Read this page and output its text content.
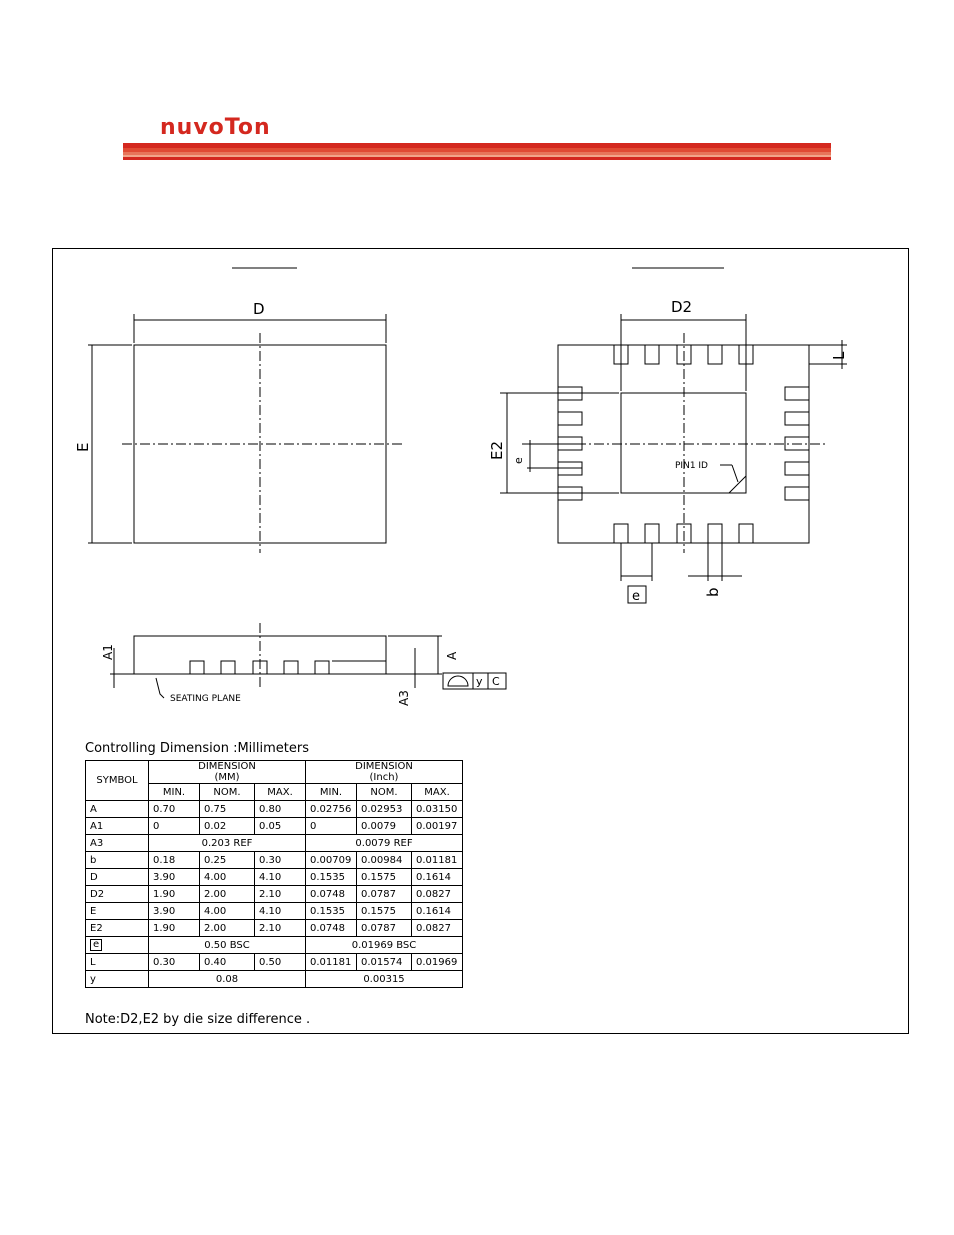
nuvoTon
D
E
D2
E2
L
e	b
e
A1	A
A3
y C
PIN1 ID
SEATING PLANE
Controlling Dimension :Millimeters
SYMBOL	DIMENSION
(MM)			DIMENSION
(Inch)		
	MIN.	NOM.	MAX.	MIN.	NOM.	MAX.
A	0.70	0.75	0.80	0.02756	0.02953	0.03150
A1	0	0.02	0.05	0	0.0079	0.00197
A3	0.203 REF			0.0079 REF		
b	0.18	0.25	0.30	0.00709	0.00984	0.01181
D	3.90	4.00	4.10	0.1535	0.1575	0.1614
D2	1.90	2.00	2.10	0.0748	0.0787	0.0827
E	3.90	4.00	4.10	0.1535	0.1575	0.1614
E2	1.90	2.00	2.10	0.0748	0.0787	0.0827
e	0.50 BSC			0.01969 BSC		
L	0.30	0.40	0.50	0.01181	0.01574	0.01969
y	0.08			0.00315		
Note:D2,E2 by die size difference .
